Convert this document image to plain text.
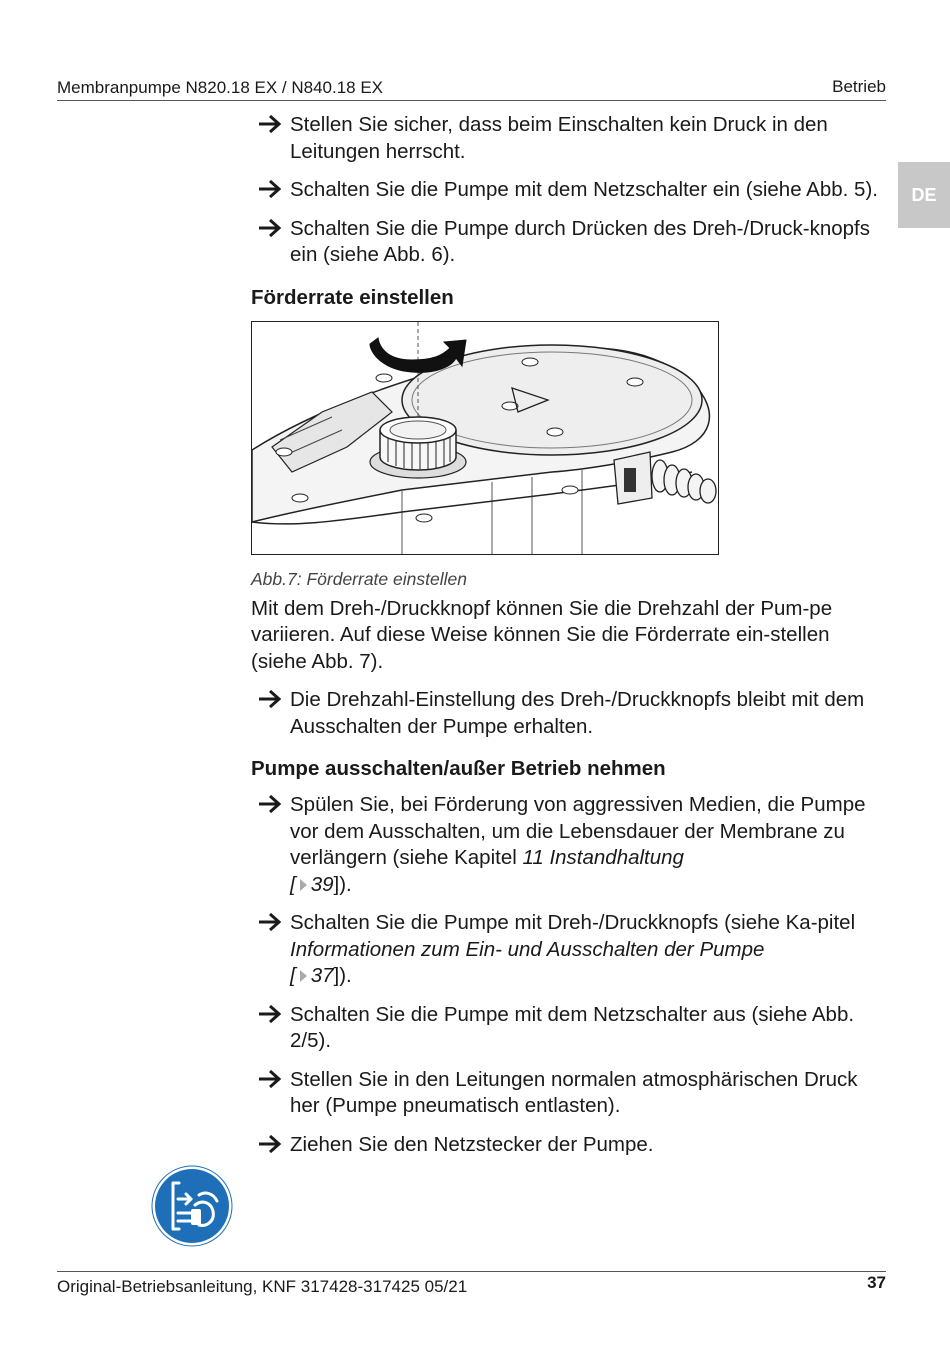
Membranpumpe N820.18 EX / N840.18 EX	Betrieb
DE
Stellen Sie sicher, dass beim Einschalten kein Druck in den Leitungen herrscht.
Schalten Sie die Pumpe mit dem Netzschalter ein (siehe Abb. 5).
Schalten Sie die Pumpe durch Drücken des Dreh-/Druck-knopfs ein (siehe Abb. 6).
Förderrate einstellen
Abb.7: Förderrate einstellen
Mit dem Dreh-/Druckknopf können Sie die Drehzahl der Pum-pe variieren. Auf diese Weise können Sie die Förderrate ein-stellen (siehe Abb. 7).
Die Drehzahl-Einstellung des Dreh-/Druckknopfs bleibt mit dem Ausschalten der Pumpe erhalten.
Pumpe ausschalten/außer Betrieb nehmen
Spülen Sie, bei Förderung von aggressiven Medien, die Pumpe vor dem Ausschalten, um die Lebensdauer der Membrane zu verlängern (siehe Kapitel 11 Instandhaltung
[ 39]).
Schalten Sie die Pumpe mit Dreh-/Druckknopfs (siehe Ka-pitel Informationen zum Ein- und Ausschalten der Pumpe
[ 37]).
Schalten Sie die Pumpe mit dem Netzschalter aus (siehe Abb. 2/5).
Stellen Sie in den Leitungen normalen atmosphärischen Druck her (Pumpe pneumatisch entlasten).
Ziehen Sie den Netzstecker der Pumpe.
Original-Betriebsanleitung, KNF 317428-317425 05/21	37
